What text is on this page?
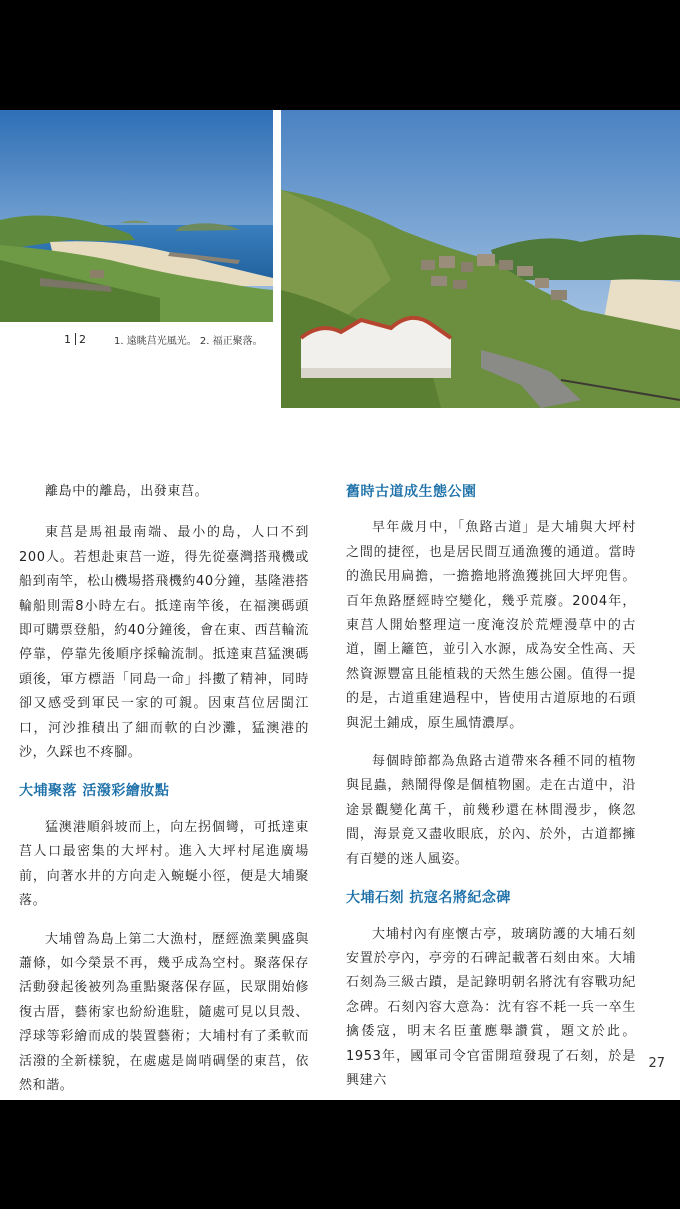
1 2	1. 遠眺莒光風光。 2. 福正聚落。

離島中的離島，出發東莒。

東莒是馬祖最南端、最小的島，人口不到200人。若想赴東莒一遊，得先從臺灣搭飛機或船到南竿，松山機場搭飛機約40分鐘，基隆港搭輪船則需8小時左右。抵達南竿後，在福澳碼頭即可購票登船，約40分鐘後，會在東、西莒輪流停靠，停靠先後順序採輪流制。抵達東莒猛澳碼頭後，軍方標語「同島一命」抖擻了精神，同時卻又感受到軍民一家的可親。因東莒位居閩江口，河沙推積出了細而軟的白沙灘，猛澳港的沙，久踩也不疼腳。

大埔聚落 活潑彩繪妝點

猛澳港順斜坡而上，向左拐個彎，可抵達東莒人口最密集的大坪村。進入大坪村尾進廣場前，向著水井的方向走入蜿蜒小徑，便是大埔聚落。

大埔曾為島上第二大漁村，歷經漁業興盛與蕭條，如今榮景不再，幾乎成為空村。聚落保存活動發起後被列為重點聚落保存區，民眾開始修復古厝，藝術家也紛紛進駐，隨處可見以貝殼、浮球等彩繪而成的裝置藝術；大埔村有了柔軟而活潑的全新樣貌，在處處是崗哨碉堡的東莒，依然和諧。

舊時古道成生態公園

早年歲月中，「魚路古道」是大埔與大坪村之間的捷徑，也是居民間互通漁獲的通道。當時的漁民用扁擔，一擔擔地將漁獲挑回大坪兜售。百年魚路歷經時空變化，幾乎荒廢。2004年，東莒人開始整理這一度淹沒於荒煙漫草中的古道，圍上籬笆，並引入水源，成為安全性高、天然資源豐富且能植栽的天然生態公園。值得一提的是，古道重建過程中，皆使用古道原地的石頭與泥土鋪成，原生風情濃厚。

每個時節都為魚路古道帶來各種不同的植物與昆蟲，熱鬧得像是個植物園。走在古道中，沿途景觀變化萬千，前幾秒還在林間漫步，倏忽間，海景竟又盡收眼底，於內、於外，古道都擁有百變的迷人風姿。

大埔石刻 抗寇名將紀念碑

大埔村內有座懷古亭，玻璃防護的大埔石刻安置於亭內，亭旁的石碑記載著石刻由來。大埔石刻為三級古蹟，是記錄明朝名將沈有容戰功紀念碑。石刻內容大意為：沈有容不耗一兵一卒生擒倭寇，明末名臣董應舉讚賞，題文於此。1953年，國軍司令官雷開瑄發現了石刻，於是興建六

27
